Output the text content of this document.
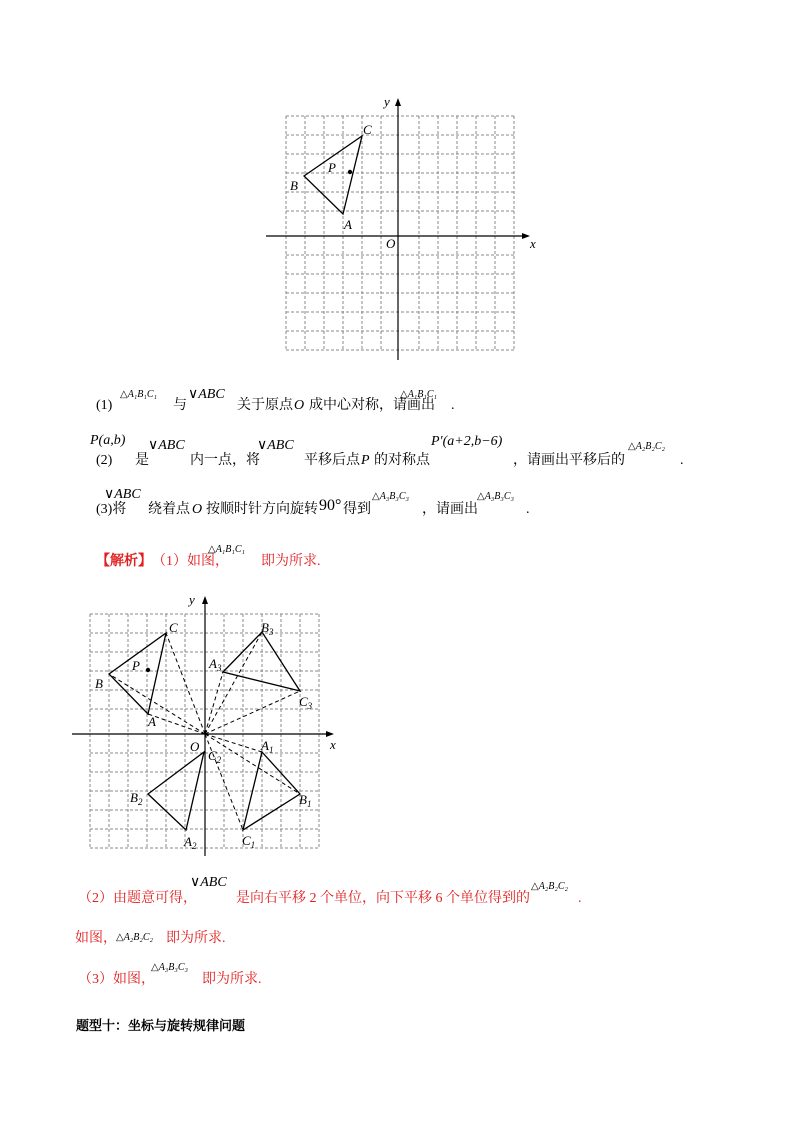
x
y
O
A
B
C
P
(1)
△A₁B₁C₁
与
∨ABC
关于原点 O 成中心对称，请画出
△A₁B₁C₁
.
(2)
P(a,b)
是
∨ABC
内一点，将
∨ABC
平移后点 P 的对称点
P′(a+2,b−6)
，请画出平移后的
△A₂B₂C₂
.
(3)将
∨ABC
绕着点 O 按顺时针方向旋转 90° 得到
△A₃B₃C₃
，请画出
△A₃B₃C₃
.
【解析】 （1）如图，
△A₁B₁C₁
即为所求.
x
y
O
A
B
C
P
$A_1$
$B_1$
$C_1$
$A_2$
$B_2$
$C_2$
$A_3$
$B_3$
$C_3$
（2）由题意可得，
∨ABC
是向右平移 2 个单位，向下平移 6 个单位得到的
△A₂B₂C₂
.
如图， △A₂B₂C₂ 即为所求.
（3）如图，
△A₃B₃C₃
即为所求.
题型十：坐标与旋转规律问题
